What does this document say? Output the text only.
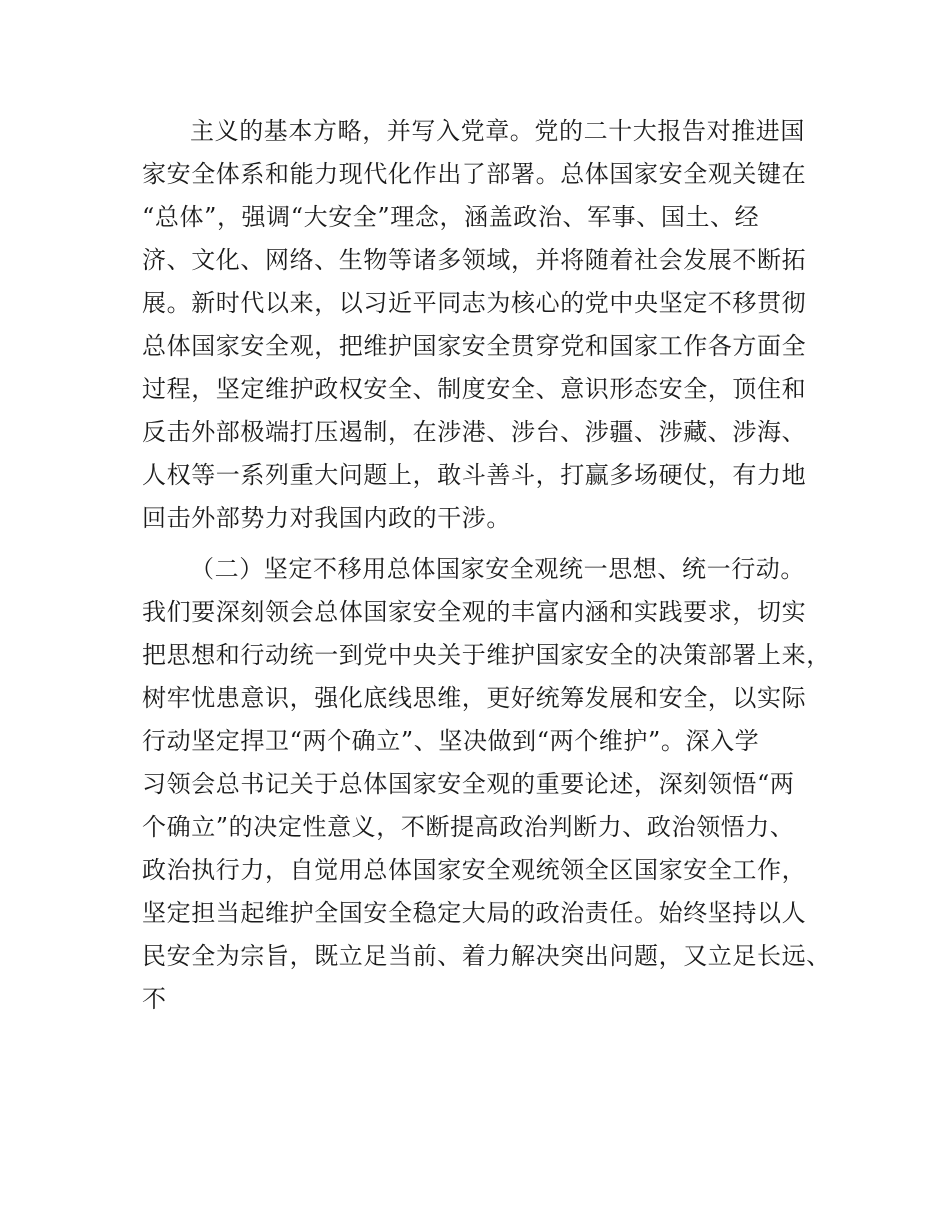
主义的基本方略，并写入党章。党的二十大报告对推进国
家安全体系和能力现代化作出了部署。总体国家安全观关键在
“总体”，强调“大安全”理念，涵盖政治、军事、国土、经
济、文化、网络、生物等诸多领域，并将随着社会发展不断拓
展。新时代以来，以习近平同志为核心的党中央坚定不移贯彻
总体国家安全观，把维护国家安全贯穿党和国家工作各方面全
过程，坚定维护政权安全、制度安全、意识形态安全，顶住和
反击外部极端打压遏制，在涉港、涉台、涉疆、涉藏、涉海、
人权等一系列重大问题上，敢斗善斗，打赢多场硬仗，有力地
回击外部势力对我国内政的干涉。
（二）坚定不移用总体国家安全观统一思想、统一行动。
我们要深刻领会总体国家安全观的丰富内涵和实践要求，切实
把思想和行动统一到党中央关于维护国家安全的决策部署上来，
树牢忧患意识，强化底线思维，更好统筹发展和安全，以实际
行动坚定捍卫“两个确立”、坚决做到“两个维护”。深入学
习领会总书记关于总体国家安全观的重要论述，深刻领悟“两
个确立”的决定性意义，不断提高政治判断力、政治领悟力、
政治执行力，自觉用总体国家安全观统领全区国家安全工作，
坚定担当起维护全国安全稳定大局的政治责任。始终坚持以人
民安全为宗旨，既立足当前、着力解决突出问题，又立足长远、
不
